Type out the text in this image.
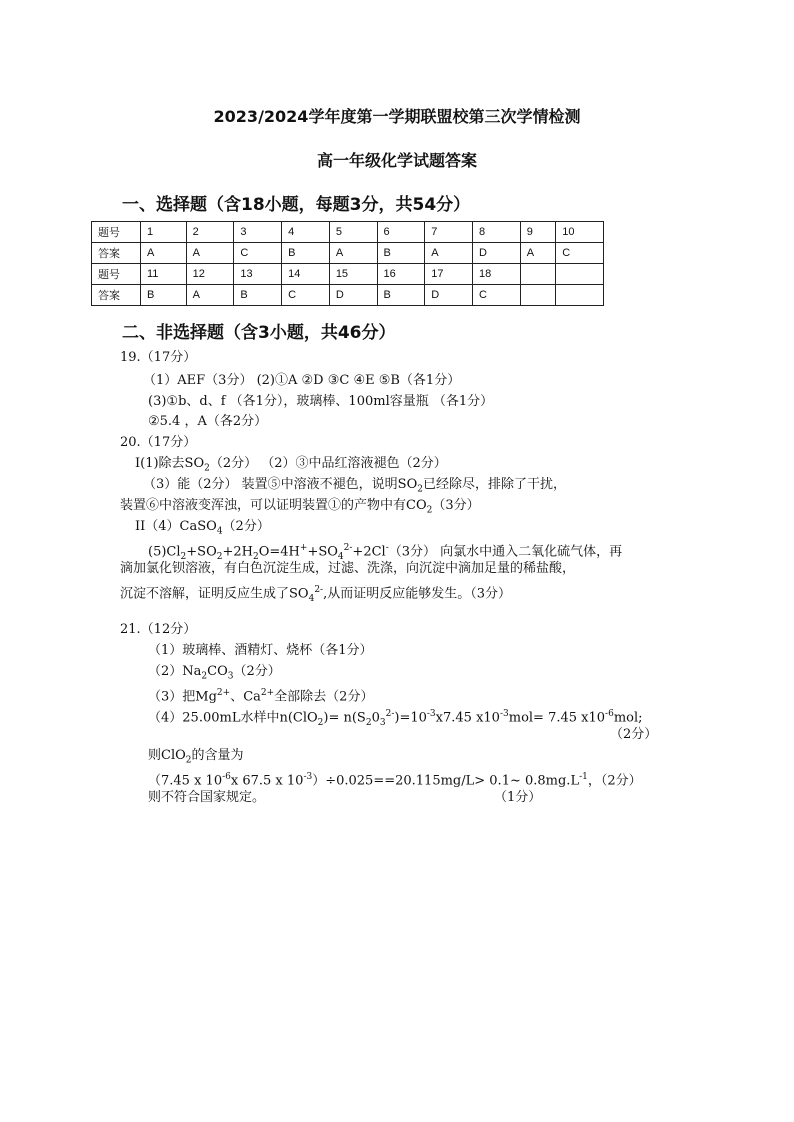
2023/2024学年度第一学期联盟校第三次学情检测
高一年级化学试题答案
一、选择题（含18小题，每题3分，共54分）
题号	1	2	3	4	5	6	7	8	9	10
答案	A	A	C	B	A	B	A	D	A	C
题号	11	12	13	14	15	16	17	18		
答案	B	A	B	C	D	B	D	C		
二、非选择题（含3小题，共46分）
19.（17分）
（1）AEF（3分） (2)①A ②D ③C ④E ⑤B（各1分）
(3)①b、d、f （各1分），玻璃棒、100ml容量瓶 （各1分）
②5.4 ，A（各2分）
20.（17分）
I(1)除去$SO_2(2$分） （2）③中品红溶液褪色（2分）
（3）能（2分） 装置⑤中溶液不褪色，说明$SO_2$已经除尽，排除了干扰，
装置⑥中溶液变浑浊，可以证明装置①的产物中有$CO_2(3$分）
II（4）CaSO$_4$（2分）
$(5)Cl_2+SO_2+2H_2O=4H^++SO_4^{2-}+2Cl^-(3$分） 向氯水中通入二氧化硫气体，再
滴加氯化钡溶液，有白色沉淀生成，过滤、洗涤，向沉淀中滴加足量的稀盐酸，
沉淀不溶解，证明反应生成了$SO_4^{2-}$,从而证明反应能够发生。（3分）
21.（12分）
（1）玻璃棒、酒精灯、烧杯（各1分）
$(2)Na_2CO_3(2$分）
（3）把$Mg^{2+}$、$Ca^{2+}$全部除去（2分）
（4）25.00mL水样中$n(ClO_2)= n(S_20_3^{2-})=10^{-3}x7.45$ $x10^{-3}mol= 7.45$ $x10^{-6}mol$;
（2分）
则ClO$_2$的含量为
（7.45 x $10^{-6}x$ 67.5 x $10^{-3})\div 0.025==20.115mg/L>$ 0.1~ $0.8mg.L^{-1}$，（2分）
则不符合国家规定。	（1分）
